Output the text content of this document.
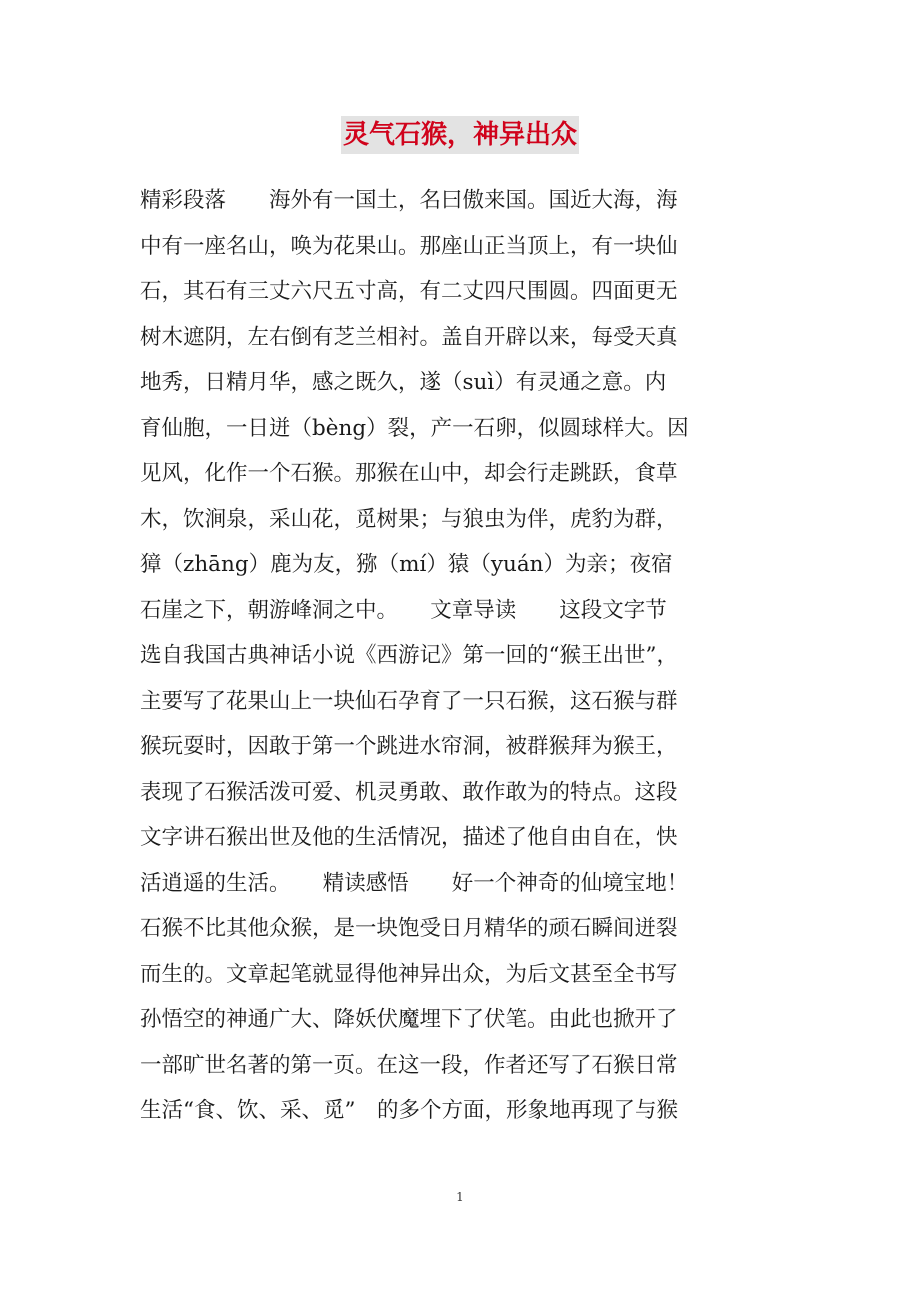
灵气石猴，神异出众
精彩段落　　海外有一国土，名曰傲来国。国近大海，海
中有一座名山，唤为花果山。那座山正当顶上，有一块仙
石，其石有三丈六尺五寸高，有二丈四尺围圆。四面更无
树木遮阴，左右倒有芝兰相衬。盖自开辟以来，每受天真
地秀，日精月华，感之既久，遂（suì）有灵通之意。内
育仙胞，一日迸（bèng）裂，产一石卵，似圆球样大。因
见风，化作一个石猴。那猴在山中，却会行走跳跃，食草
木，饮涧泉，采山花，觅树果；与狼虫为伴，虎豹为群，
獐（zhāng）鹿为友，猕（mí）猿（yuán）为亲；夜宿
石崖之下，朝游峰洞之中。　　文章导读　　这段文字节
选自我国古典神话小说《西游记》第一回的“猴王出世”，
主要写了花果山上一块仙石孕育了一只石猴，这石猴与群
猴玩耍时，因敢于第一个跳进水帘洞，被群猴拜为猴王，
表现了石猴活泼可爱、机灵勇敢、敢作敢为的特点。这段
文字讲石猴出世及他的生活情况，描述了他自由自在，快
活逍遥的生活。　　精读感悟　　好一个神奇的仙境宝地！
石猴不比其他众猴，是一块饱受日月精华的顽石瞬间迸裂
而生的。文章起笔就显得他神异出众，为后文甚至全书写
孙悟空的神通广大、降妖伏魔埋下了伏笔。由此也掀开了
一部旷世名著的第一页。在这一段，作者还写了石猴日常
生活“食、饮、采、觅”　的多个方面，形象地再现了与猴
1
